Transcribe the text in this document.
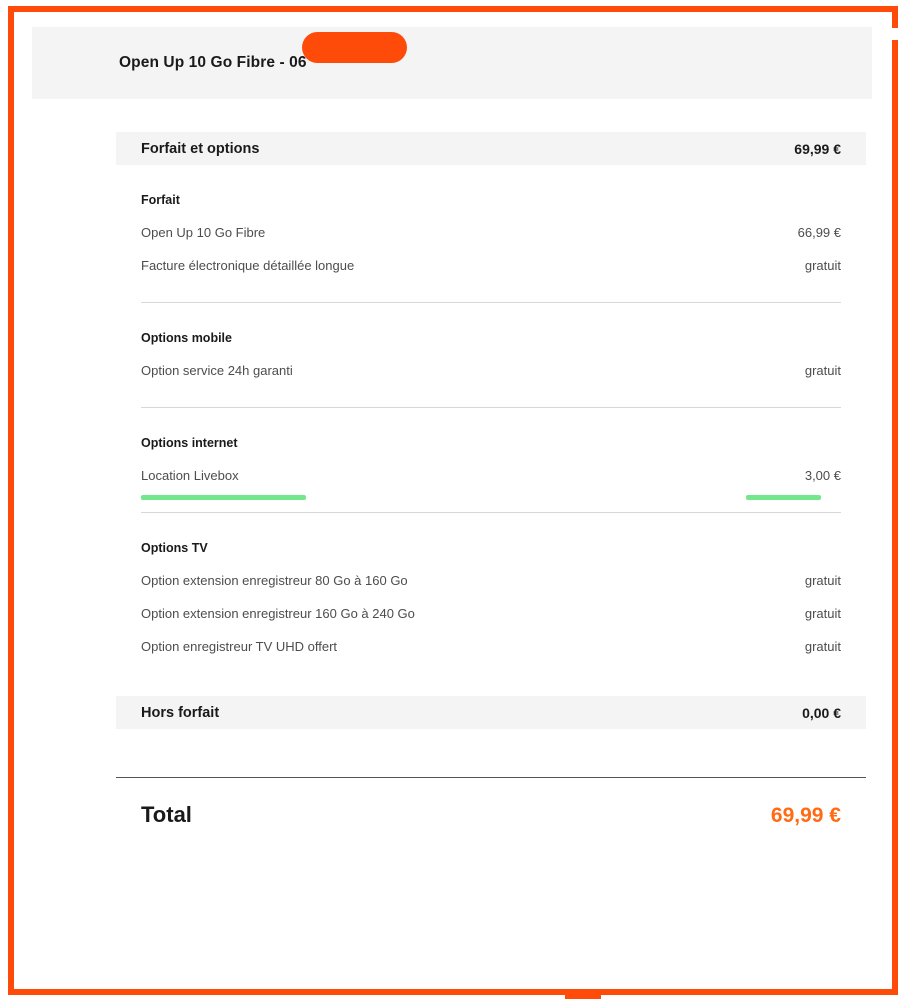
Open Up 10 Go Fibre - 06
Forfait et options	69,99 €
Forfait
Open Up 10 Go Fibre	66,99 €
Facture électronique détaillée longue	gratuit
Options mobile
Option service 24h garanti	gratuit
Options internet
Location Livebox	3,00 €
Options TV
Option extension enregistreur 80 Go à 160 Go	gratuit
Option extension enregistreur 160 Go à 240 Go	gratuit
Option enregistreur TV UHD offert	gratuit
Hors forfait	0,00 €
Total	69,99 €
